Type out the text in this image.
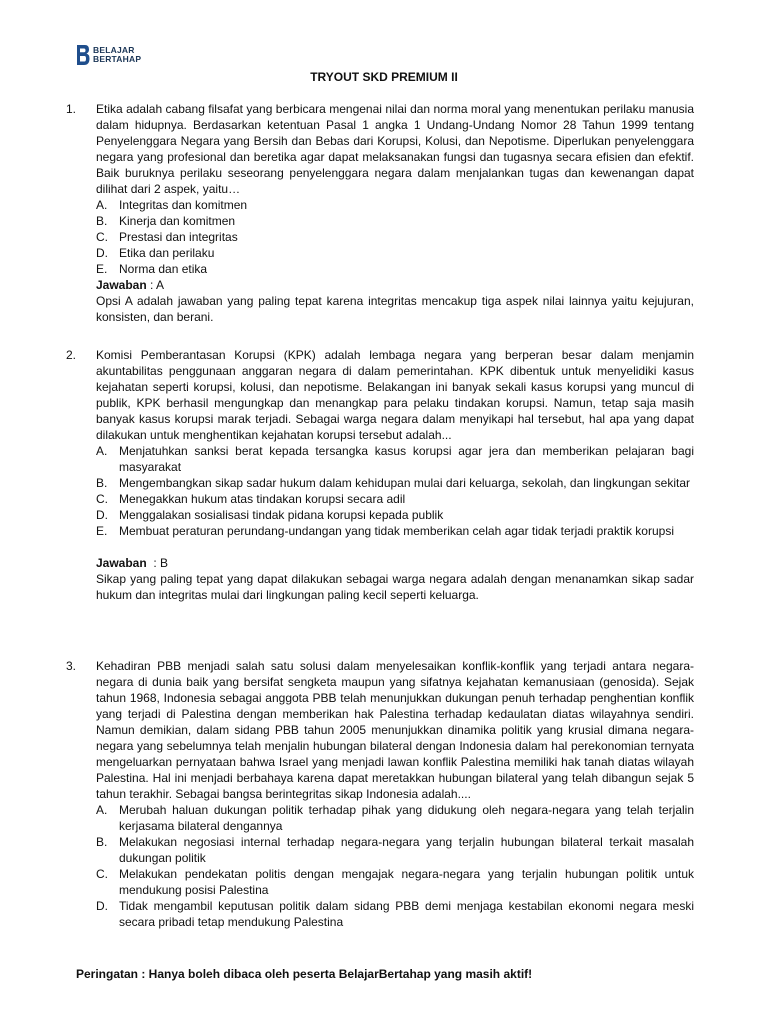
BELAJAR
BERTAHAP
TRYOUT SKD PREMIUM II
1. Etika adalah cabang filsafat yang berbicara mengenai nilai dan norma moral yang menentukan perilaku manusia dalam hidupnya. Berdasarkan ketentuan Pasal 1 angka 1 Undang-Undang Nomor 28 Tahun 1999 tentang Penyelenggara Negara yang Bersih dan Bebas dari Korupsi, Kolusi, dan Nepotisme. Diperlukan penyelenggara negara yang profesional dan beretika agar dapat melaksanakan fungsi dan tugasnya secara efisien dan efektif. Baik buruknya perilaku seseorang penyelenggara negara dalam menjalankan tugas dan kewenangan dapat dilihat dari 2 aspek, yaitu…
A. Integritas dan komitmen
B. Kinerja dan komitmen
C. Prestasi dan integritas
D. Etika dan perilaku
E. Norma dan etika
Jawaban : A
Opsi A adalah jawaban yang paling tepat karena integritas mencakup tiga aspek nilai lainnya yaitu kejujuran, konsisten, dan berani.
2. Komisi Pemberantasan Korupsi (KPK) adalah lembaga negara yang berperan besar dalam menjamin akuntabilitas penggunaan anggaran negara di dalam pemerintahan. KPK dibentuk untuk menyelidiki kasus kejahatan seperti korupsi, kolusi, dan nepotisme. Belakangan ini banyak sekali kasus korupsi yang muncul di publik, KPK berhasil mengungkap dan menangkap para pelaku tindakan korupsi. Namun, tetap saja masih banyak kasus korupsi marak terjadi. Sebagai warga negara dalam menyikapi hal tersebut, hal apa yang dapat dilakukan untuk menghentikan kejahatan korupsi tersebut adalah...
A. Menjatuhkan sanksi berat kepada tersangka kasus korupsi agar jera dan memberikan pelajaran bagi masyarakat
B. Mengembangkan sikap sadar hukum dalam kehidupan mulai dari keluarga, sekolah, dan lingkungan sekitar
C. Menegakkan hukum atas tindakan korupsi secara adil
D. Menggalakan sosialisasi tindak pidana korupsi kepada publik
E. Membuat peraturan perundang-undangan yang tidak memberikan celah agar tidak terjadi praktik korupsi
Jawaban  : B
Sikap yang paling tepat yang dapat dilakukan sebagai warga negara adalah dengan menanamkan sikap sadar hukum dan integritas mulai dari lingkungan paling kecil seperti keluarga.
3. Kehadiran PBB menjadi salah satu solusi dalam menyelesaikan konflik-konflik yang terjadi antara negara-negara di dunia baik yang bersifat sengketa maupun yang sifatnya kejahatan kemanusiaan (genosida). Sejak tahun 1968, Indonesia sebagai anggota PBB telah menunjukkan dukungan penuh terhadap penghentian konflik yang terjadi di Palestina dengan memberikan hak Palestina terhadap kedaulatan diatas wilayahnya sendiri. Namun demikian, dalam sidang PBB tahun 2005 menunjukkan dinamika politik yang krusial dimana negara-negara yang sebelumnya telah menjalin hubungan bilateral dengan Indonesia dalam hal perekonomian ternyata mengeluarkan pernyataan bahwa Israel yang menjadi lawan konflik Palestina memiliki hak tanah diatas wilayah Palestina. Hal ini menjadi berbahaya karena dapat meretakkan hubungan bilateral yang telah dibangun sejak 5 tahun terakhir. Sebagai bangsa berintegritas sikap Indonesia adalah....
A. Merubah haluan dukungan politik terhadap pihak yang didukung oleh negara-negara yang telah terjalin kerjasama bilateral dengannya
B. Melakukan negosiasi internal terhadap negara-negara yang terjalin hubungan bilateral terkait masalah dukungan politik
C. Melakukan pendekatan politis dengan mengajak negara-negara yang terjalin hubungan politik untuk mendukung posisi Palestina
D. Tidak mengambil keputusan politik dalam sidang PBB demi menjaga kestabilan ekonomi negara meski secara pribadi tetap mendukung Palestina
Peringatan : Hanya boleh dibaca oleh peserta BelajarBertahap yang masih aktif!
